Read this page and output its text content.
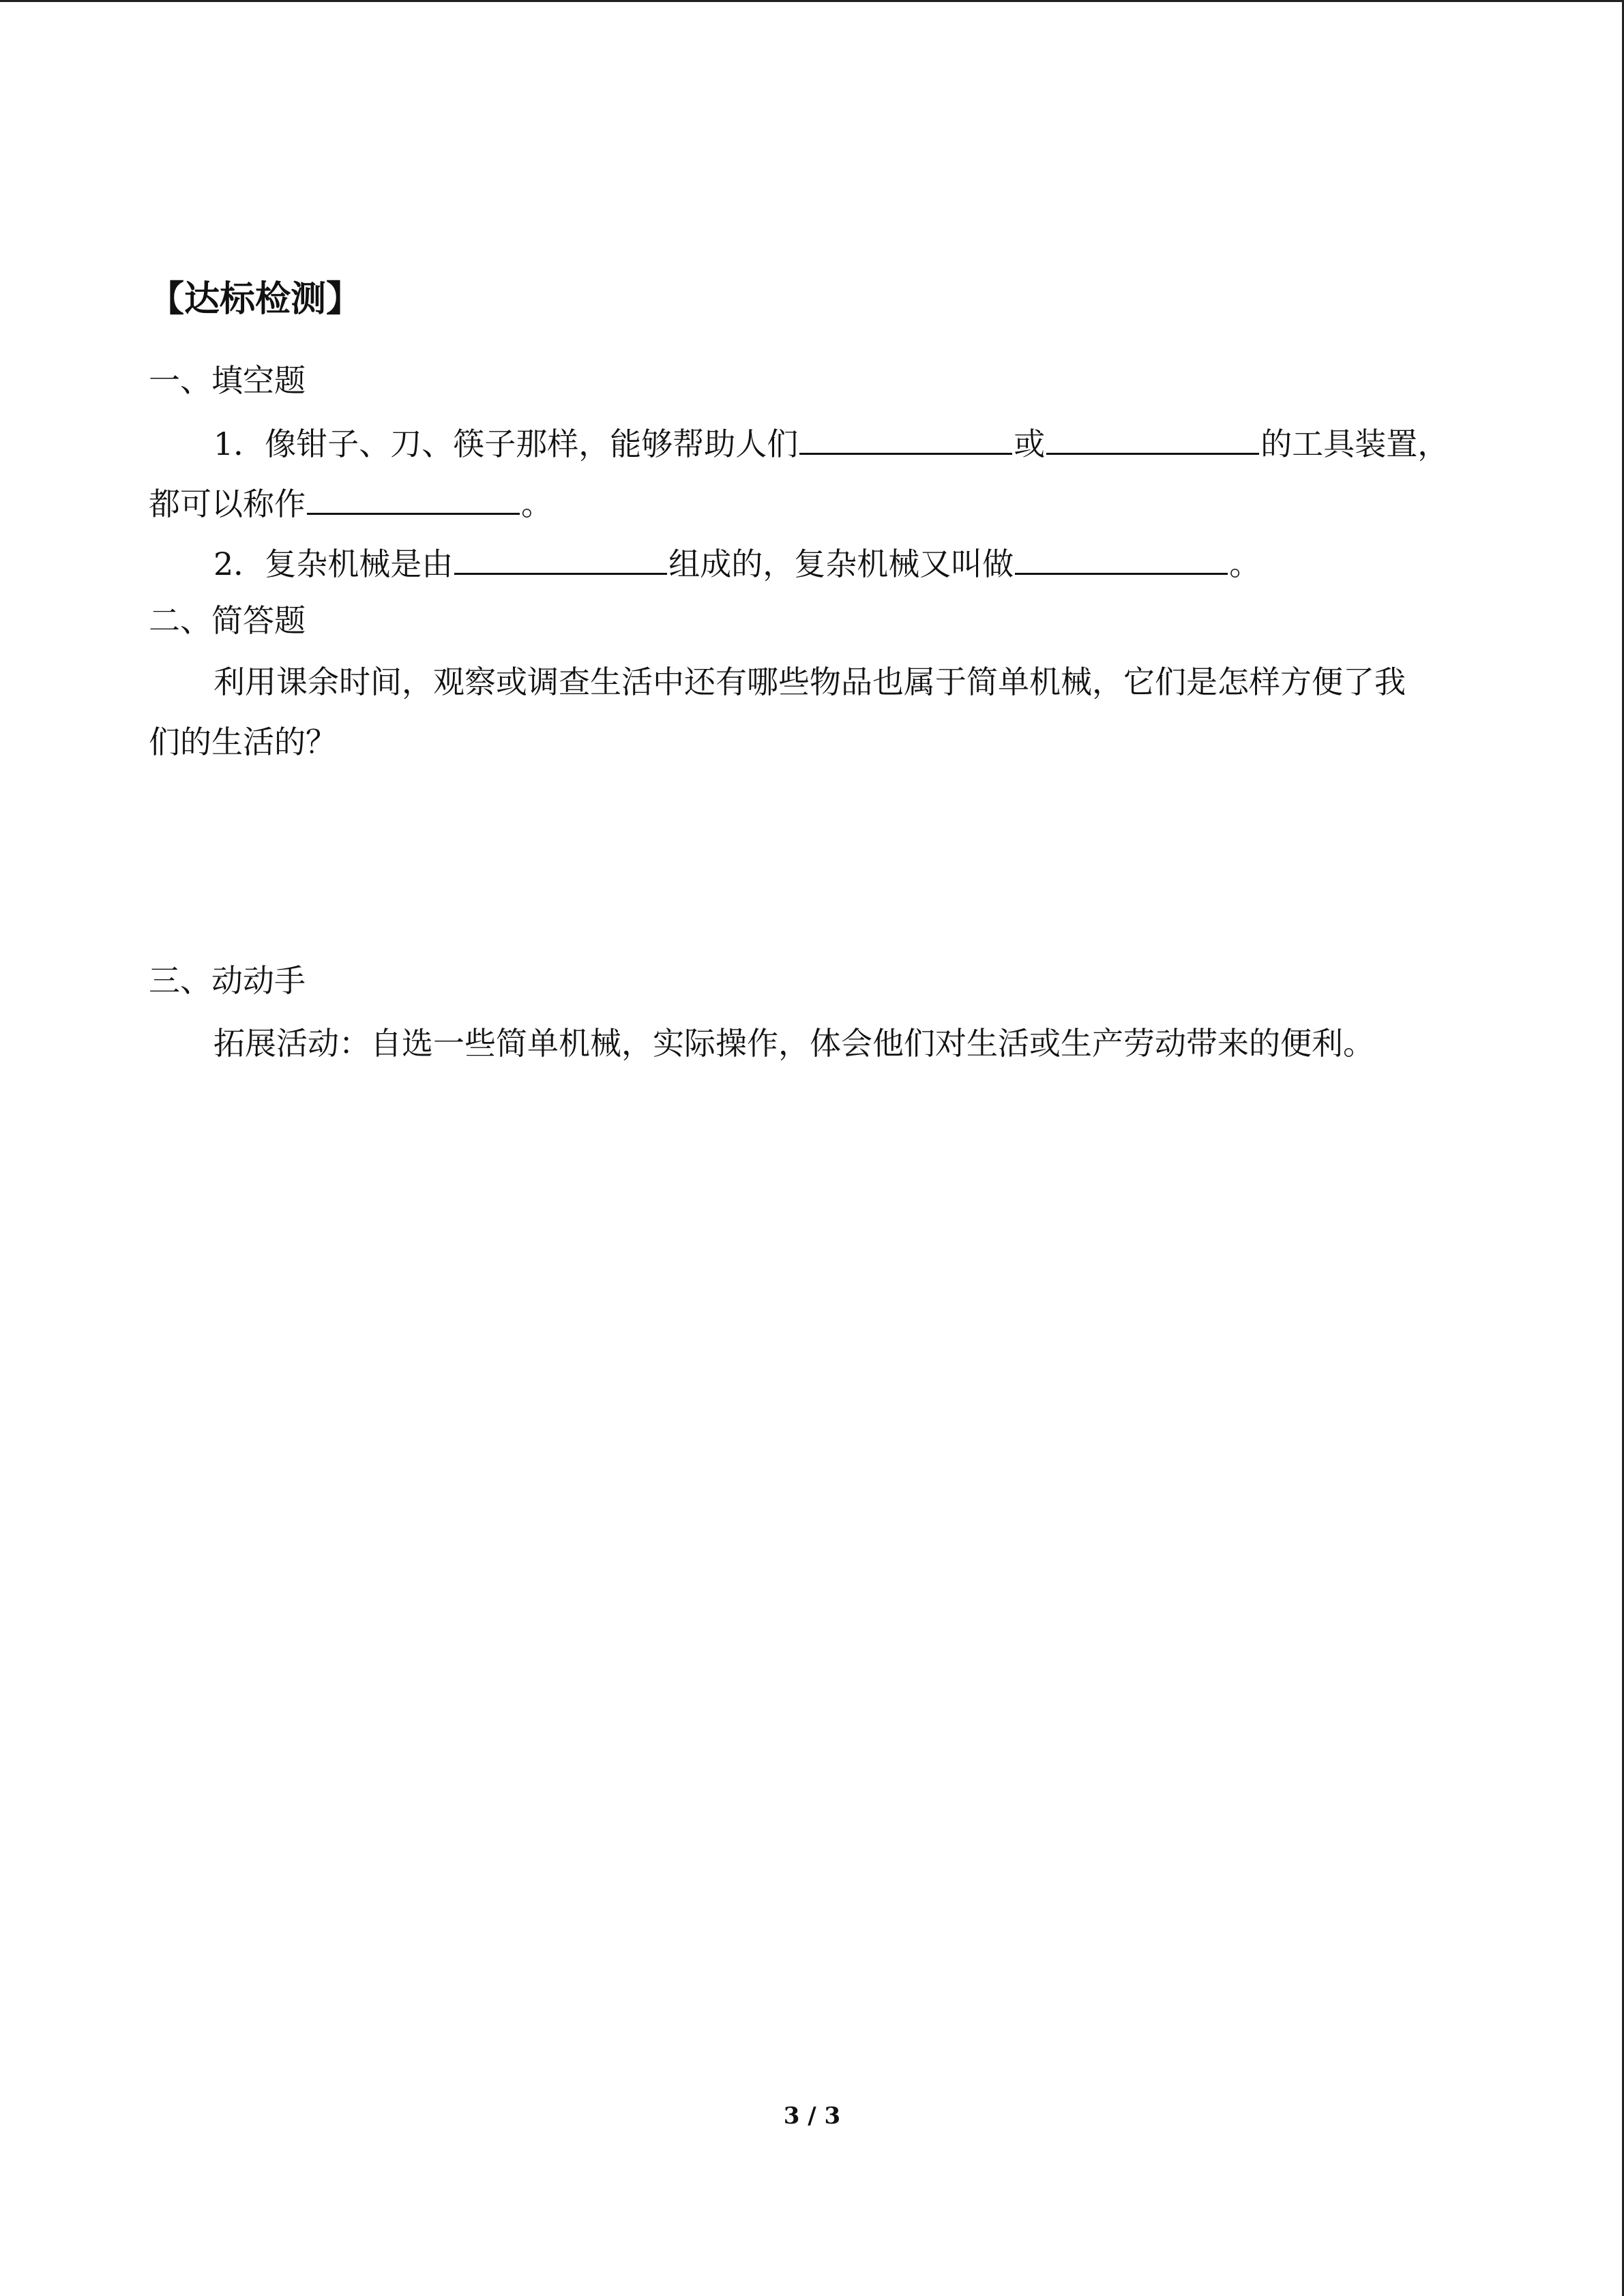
【达标检测】
一、填空题
1．像钳子、刀、筷子那样，能够帮助人们	或	的工具装置，
都可以称作	。
2．复杂机械是由	组成的，复杂机械又叫做	。
二、简答题
利用课余时间，观察或调查生活中还有哪些物品也属于简单机械，它们是怎样方便了我
们的生活的？
三、动动手
拓展活动：自选一些简单机械，实际操作，体会他们对生活或生产劳动带来的便利。
3 / 3
